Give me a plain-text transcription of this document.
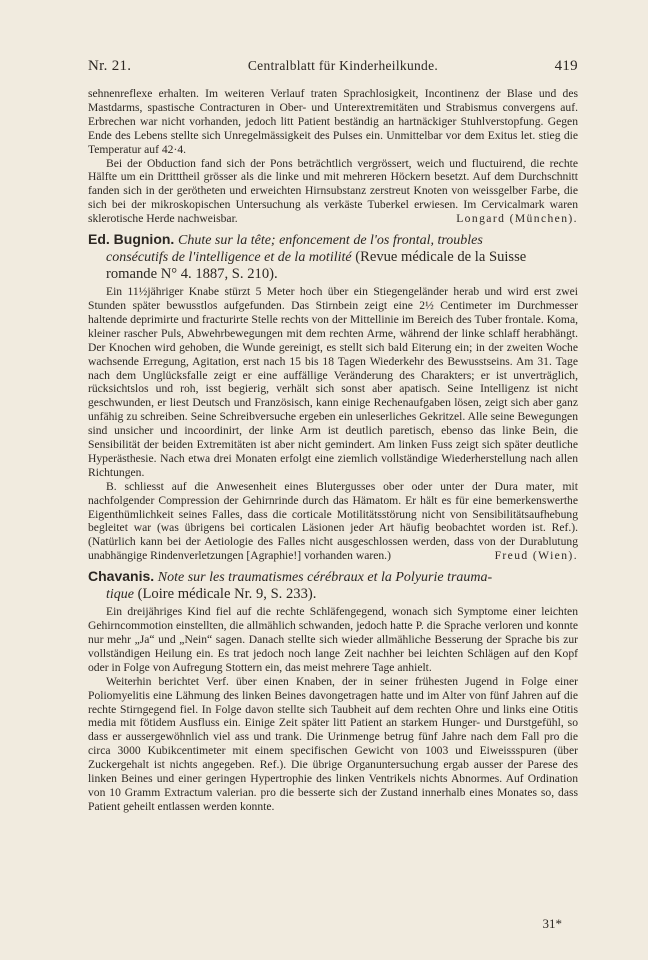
Nr. 21.	Centralblatt für Kinderheilkunde.	419

sehnenreflexe erhalten. Im weiteren Verlauf traten Sprachlosigkeit, Incontinenz der Blase und des Mastdarms, spastische Contracturen in Ober- und Unterextremitäten und Strabismus convergens auf. Erbrechen war nicht vorhanden, jedoch litt Patient beständig an hartnäckiger Stuhlverstopfung. Gegen Ende des Lebens stellte sich Unregelmässigkeit des Pulses ein. Unmittelbar vor dem Exitus let. stieg die Temperatur auf 42·4.

Bei der Obduction fand sich der Pons beträchtlich vergrössert, weich und fluctuirend, die rechte Hälfte um ein Dritttheil grösser als die linke und mit mehreren Höckern besetzt. Auf dem Durchschnitt fanden sich in der gerötheten und erweichten Hirnsubstanz zerstreut Knoten von weissgelber Farbe, die sich bei der mikroskopischen Untersuchung als verkäste Tuberkel erwiesen. Im Cervicalmark waren sklerotische Herde nachweisbar.	Longard (München).

Ed. Bugnion. Chute sur la tête; enfoncement de l'os frontal, troubles
consécutifs de l'intelligence et de la motilité (Revue médicale de la Suisse romande N° 4. 1887, S. 210).

Ein 11½jähriger Knabe stürzt 5 Meter hoch über ein Stiegengeländer herab und wird erst zwei Stunden später bewusstlos aufgefunden. Das Stirnbein zeigt eine 2½ Centimeter im Durchmesser haltende deprimirte und fracturirte Stelle rechts von der Mittellinie im Bereich des Tuber frontale. Koma, kleiner rascher Puls, Abwehrbewegungen mit dem rechten Arme, während der linke schlaff herabhängt. Der Knochen wird gehoben, die Wunde gereinigt, es stellt sich bald Eiterung ein; in der zweiten Woche wachsende Erregung, Agitation, erst nach 15 bis 18 Tagen Wiederkehr des Bewusstseins. Am 31. Tage nach dem Unglücksfalle zeigt er eine auffällige Veränderung des Charakters; er ist unverträglich, rücksichtslos und roh, isst begierig, verhält sich sonst aber apatisch. Seine Intelligenz ist nicht geschwunden, er liest Deutsch und Französisch, kann einige Rechenaufgaben lösen, zeigt sich aber ganz unfähig zu schreiben. Seine Schreibversuche ergeben ein unleserliches Gekritzel. Alle seine Bewegungen sind unsicher und incoordinirt, der linke Arm ist deutlich paretisch, ebenso das linke Bein, die Sensibilität der beiden Extremitäten ist aber nicht gemindert. Am linken Fuss zeigt sich später deutliche Hyperästhesie. Nach etwa drei Monaten erfolgt eine ziemlich vollständige Wiederherstellung nach allen Richtungen.

B. schliesst auf die Anwesenheit eines Blutergusses ober oder unter der Dura mater, mit nachfolgender Compression der Gehirnrinde durch das Hämatom. Er hält es für eine bemerkenswerthe Eigenthümlichkeit seines Falles, dass die corticale Motilitätsstörung nicht von Sensibilitätsaufhebung begleitet war (was übrigens bei corticalen Läsionen jeder Art häufig beobachtet worden ist. Ref.). (Natürlich kann bei der Aetiologie des Falles nicht ausgeschlossen werden, dass von der Durablutung unabhängige Rindenverletzungen [Agraphie!] vorhanden waren.)	Freud (Wien).

Chavanis. Note sur les traumatismes cérébraux et la Polyurie trauma-
tique (Loire médicale Nr. 9, S. 233).

Ein dreijähriges Kind fiel auf die rechte Schläfengegend, wonach sich Symptome einer leichten Gehirncommotion einstellten, die allmählich schwanden, jedoch hatte P. die Sprache verloren und konnte nur mehr „Ja“ und „Nein“ sagen. Danach stellte sich wieder allmähliche Besserung der Sprache bis zur vollständigen Heilung ein. Es trat jedoch noch lange Zeit nachher bei leichten Schlägen auf den Kopf oder in Folge von Aufregung Stottern ein, das meist mehrere Tage anhielt.

Weiterhin berichtet Verf. über einen Knaben, der in seiner frühesten Jugend in Folge einer Poliomyelitis eine Lähmung des linken Beines davongetragen hatte und im Alter von fünf Jahren auf die rechte Stirngegend fiel. In Folge davon stellte sich Taubheit auf dem rechten Ohre und links eine Otitis media mit fötidem Ausfluss ein. Einige Zeit später litt Patient an starkem Hunger- und Durstgefühl, so dass er aussergewöhnlich viel ass und trank. Die Urinmenge betrug fünf Jahre nach dem Fall pro die circa 3000 Kubikcentimeter mit einem specifischen Gewicht von 1003 und Eiweissspuren (über Zuckergehalt ist nichts angegeben. Ref.). Die übrige Organuntersuchung ergab ausser der Parese des linken Beines und einer geringen Hypertrophie des linken Ventrikels nichts Abnormes. Auf Ordination von 10 Gramm Extractum valerian. pro die besserte sich der Zustand innerhalb eines Monates so, dass Patient geheilt entlassen werden konnte.

31*
